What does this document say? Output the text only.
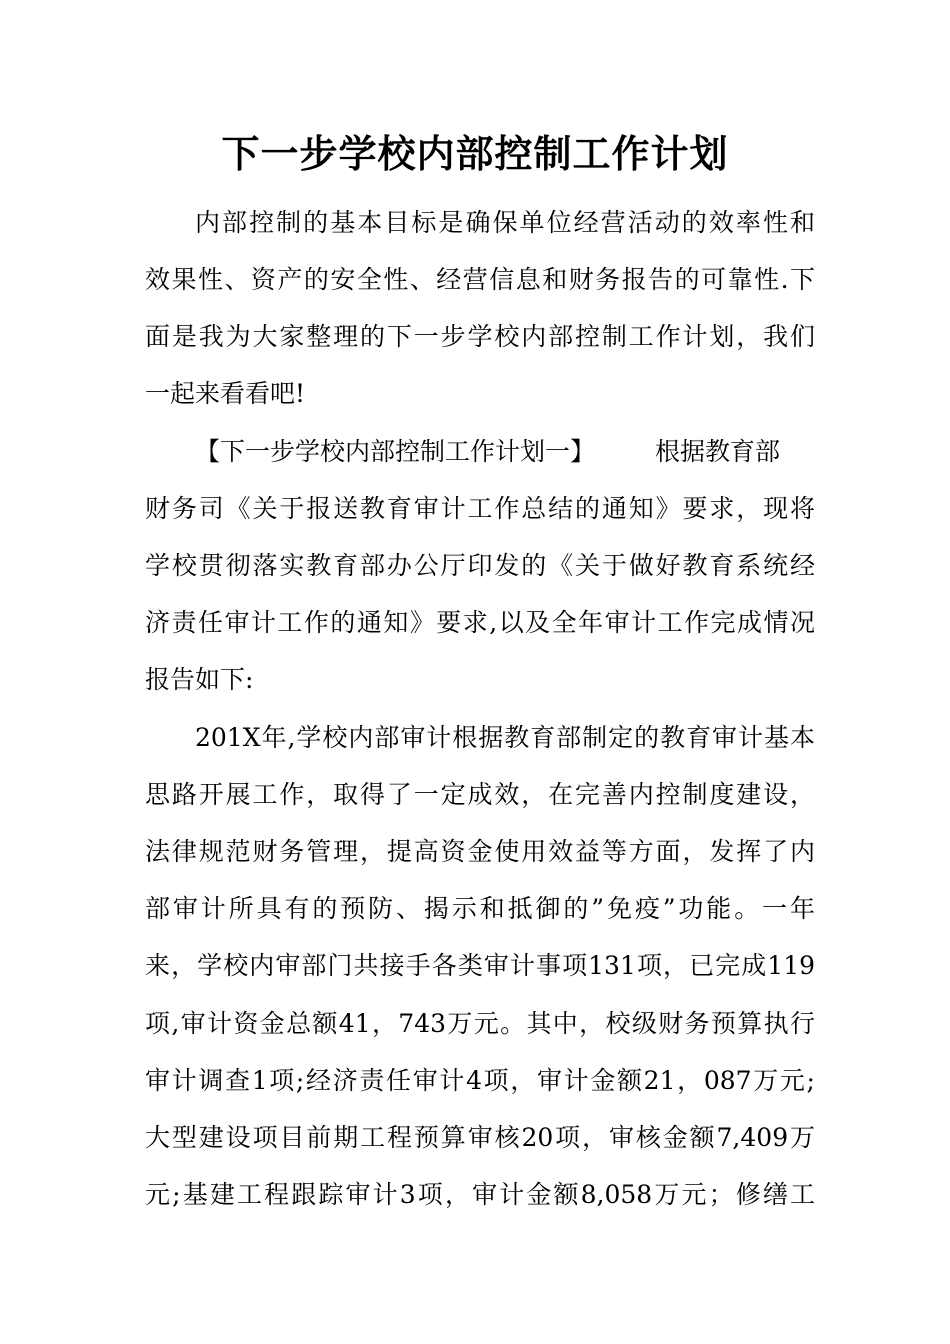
下一步学校内部控制工作计划
内部控制的基本目标是确保单位经营活动的效率性和
效果性、资产的安全性、经营信息和财务报告的可靠性.下
面是我为大家整理的下一步学校内部控制工作计划，我们
一起来看看吧!
【下一步学校内部控制工作计划一】 根据教育部
财务司《关于报送教育审计工作总结的通知》要求，现将
学校贯彻落实教育部办公厅印发的《关于做好教育系统经
济责任审计工作的通知》要求,以及全年审计工作完成情况
报告如下:
201X年,学校内部审计根据教育部制定的教育审计基本
思路开展工作，取得了一定成效，在完善内控制度建设，
法律规范财务管理，提高资金使用效益等方面，发挥了内
部审计所具有的预防、揭示和抵御的”免疫”功能。一年
来，学校内审部门共接手各类审计事项131项，已完成119
项,审计资金总额41，743万元。其中，校级财务预算执行
审计调查1项;经济责任审计4项，审计金额21，087万元;
大型建设项目前期工程预算审核20项，审核金额7,409万
元;基建工程跟踪审计3项，审计金额8,058万元；修缮工
